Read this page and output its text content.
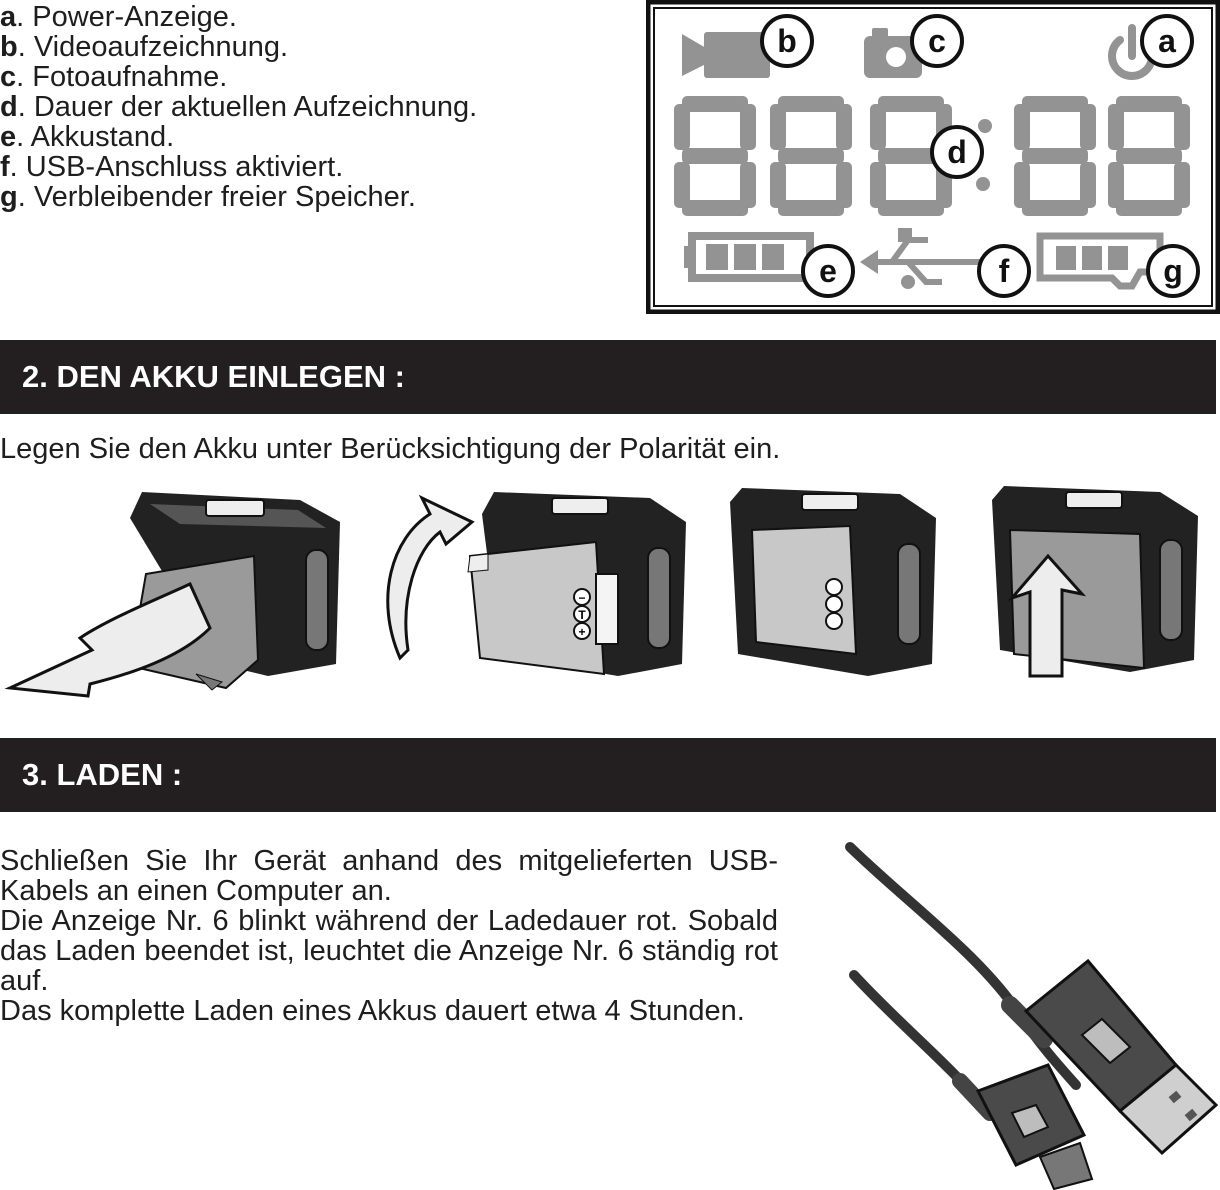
a. Power-Anzeige.
b. Videoaufzeichnung.
c. Fotoaufnahme.
d. Dauer der aktuellen Aufzeichnung.
e. Akkustand.
f. USB-Anschluss aktiviert.
g. Verbleibender freier Speicher.
b	c	a
d
e	f	g
2. DEN AKKU EINLEGEN :
Legen Sie den Akku unter Berücksichtigung der Polarität ein.
−
T
+
3. LADEN :

Schließen Sie Ihr Gerät anhand des mitgelieferten USB-Kabels an einen Computer an.

Die Anzeige Nr. 6 blinkt während der Ladedauer rot. Sobald das Laden beendet ist, leuchtet die Anzeige Nr. 6 ständig rot auf.

Das komplette Laden eines Akkus dauert etwa 4 Stunden.
